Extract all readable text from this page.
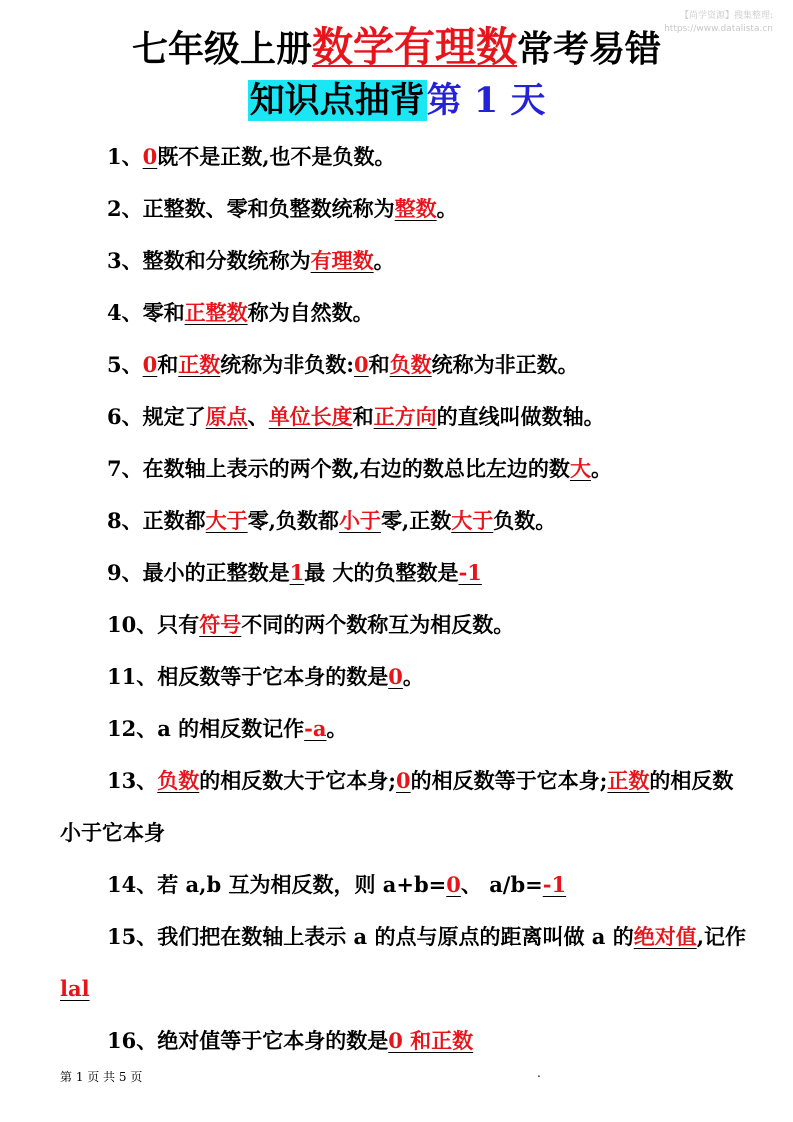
【尚学资源】搜集整理:
https://www.datalista.cn
七年级上册数学有理数常考易错
知识点抽背第 1 天
1、0既不是正数,也不是负数。
2、正整数、零和负整数统称为整数。
3、整数和分数统称为有理数。
4、零和正整数称为自然数。
5、0和正数统称为非负数:0和负数统称为非正数。
6、规定了原点、单位长度和正方向的直线叫做数轴。
7、在数轴上表示的两个数,右边的数总比左边的数大。
8、正数都大于零,负数都小于零,正数大于负数。
9、最小的正整数是1最 大的负整数是-1
10、只有符号不同的两个数称互为相反数。
11、相反数等于它本身的数是0。
12、a 的相反数记作-a。
13、负数的相反数大于它本身;0的相反数等于它本身;正数的相反数小于它本身
14、若 a,b 互为相反数，则 a+b=0、 a/b=-1
15、我们把在数轴上表示 a 的点与原点的距离叫做 a 的绝对值,记作lal
16、绝对值等于它本身的数是0 和正数
第 1 页 共 5 页	.
